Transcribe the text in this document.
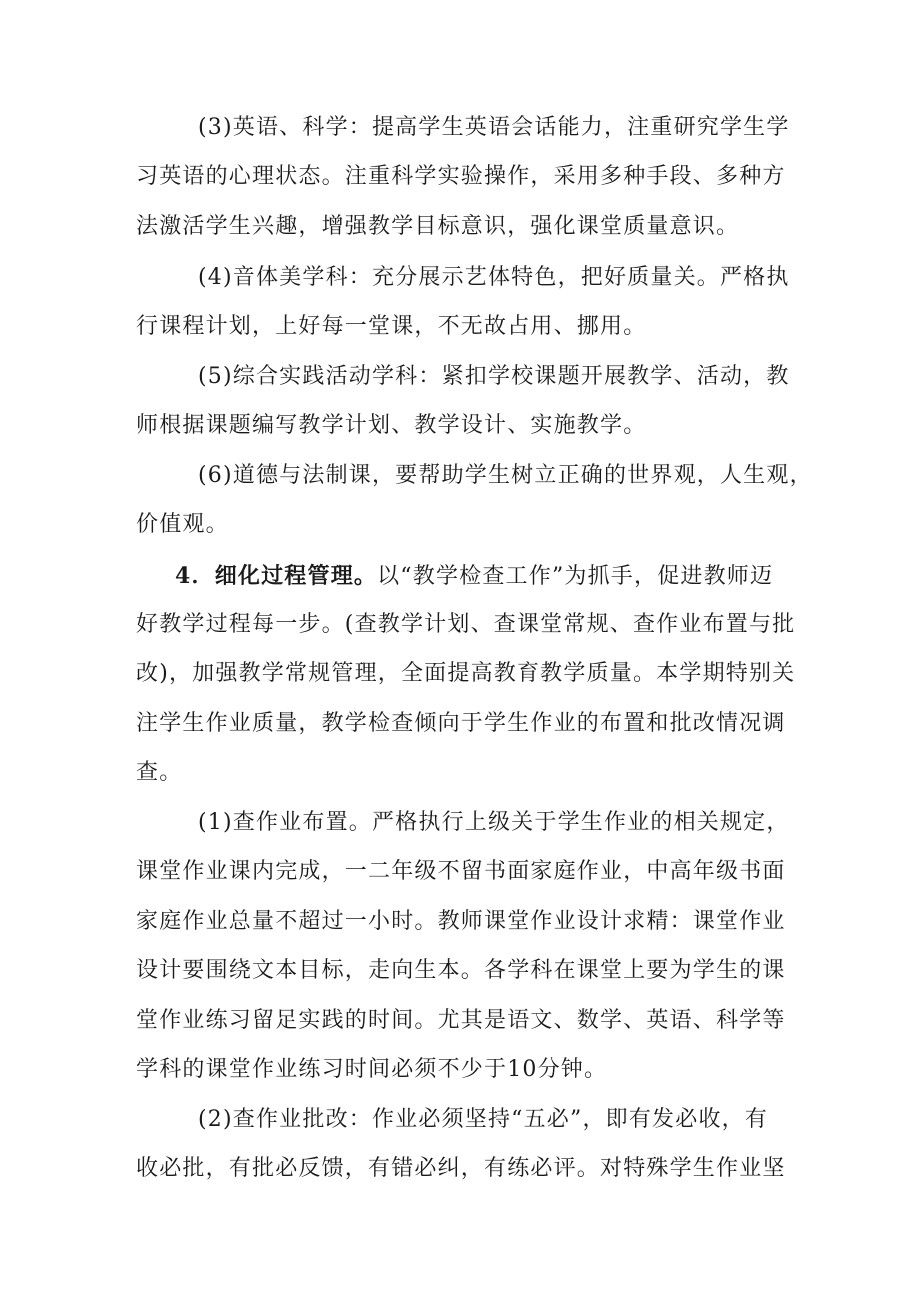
(3)英语、科学：提高学生英语会话能力，注重研究学生学
习英语的心理状态。注重科学实验操作，采用多种手段、多种方
法激活学生兴趣，增强教学目标意识，强化课堂质量意识。
(4)音体美学科：充分展示艺体特色，把好质量关。严格执
行课程计划，上好每一堂课，不无故占用、挪用。
(5)综合实践活动学科：紧扣学校课题开展教学、活动，教
师根据课题编写教学计划、教学设计、实施教学。
(6)道德与法制课，要帮助学生树立正确的世界观，人生观，
价值观。
4．细化过程管理。以“教学检查工作”为抓手，促进教师迈
好教学过程每一步。(查教学计划、查课堂常规、查作业布置与批
改)，加强教学常规管理，全面提高教育教学质量。本学期特别关
注学生作业质量，教学检查倾向于学生作业的布置和批改情况调
查。
(1)查作业布置。严格执行上级关于学生作业的相关规定，
课堂作业课内完成，一二年级不留书面家庭作业，中高年级书面
家庭作业总量不超过一小时。教师课堂作业设计求精：课堂作业
设计要围绕文本目标，走向生本。各学科在课堂上要为学生的课
堂作业练习留足实践的时间。尤其是语文、数学、英语、科学等
学科的课堂作业练习时间必须不少于10分钟。
(2)查作业批改：作业必须坚持“五必”，即有发必收，有
收必批，有批必反馈，有错必纠，有练必评。对特殊学生作业坚
